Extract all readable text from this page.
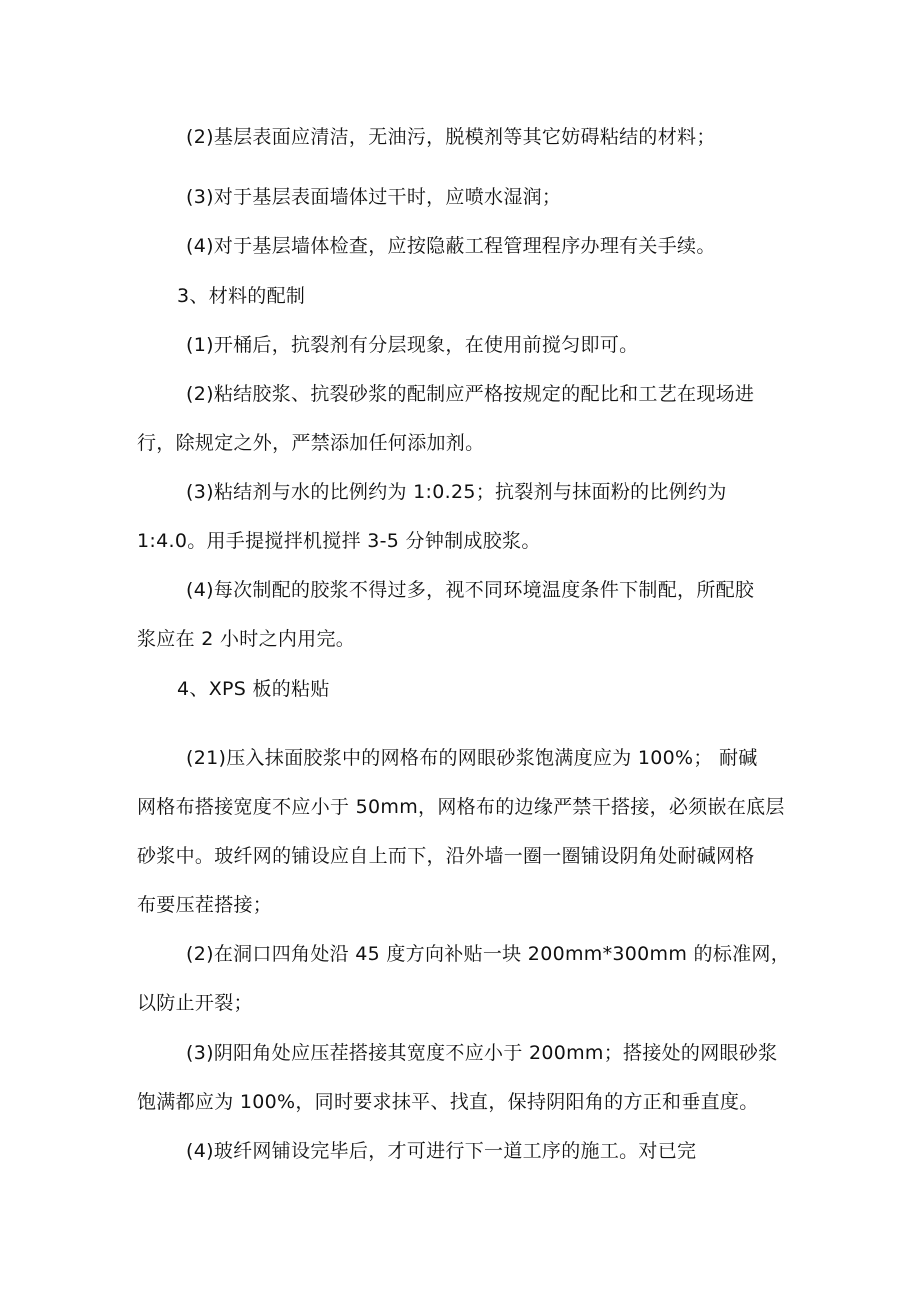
(2)基层表面应清洁，无油污，脱模剂等其它妨碍粘结的材料；
(3)对于基层表面墙体过干时，应喷水湿润；
(4)对于基层墙体检查，应按隐蔽工程管理程序办理有关手续。
3、材料的配制
(1)开桶后，抗裂剂有分层现象，在使用前搅匀即可。
(2)粘结胶浆、抗裂砂浆的配制应严格按规定的配比和工艺在现场进
行，除规定之外，严禁添加任何添加剂。
(3)粘结剂与水的比例约为 1:0.25；抗裂剂与抹面粉的比例约为
1:4.0。用手提搅拌机搅拌 3-5 分钟制成胶浆。
(4)每次制配的胶浆不得过多，视不同环境温度条件下制配，所配胶
浆应在 2 小时之内用完。
4、XPS 板的粘贴
(21)压入抹面胶浆中的网格布的网眼砂浆饱满度应为 100%； 耐碱
网格布搭接宽度不应小于 50mm，网格布的边缘严禁干搭接，必须嵌在底层
砂浆中。玻纤网的铺设应自上而下，沿外墙一圈一圈铺设阴角处耐碱网格
布要压茬搭接；
(2)在洞口四角处沿 45 度方向补贴一块 200mm*300mm 的标准网，
以防止开裂；
(3)阴阳角处应压茬搭接其宽度不应小于 200mm；搭接处的网眼砂浆
饱满都应为 100%，同时要求抹平、找直，保持阴阳角的方正和垂直度。
(4)玻纤网铺设完毕后，才可进行下一道工序的施工。对已完
